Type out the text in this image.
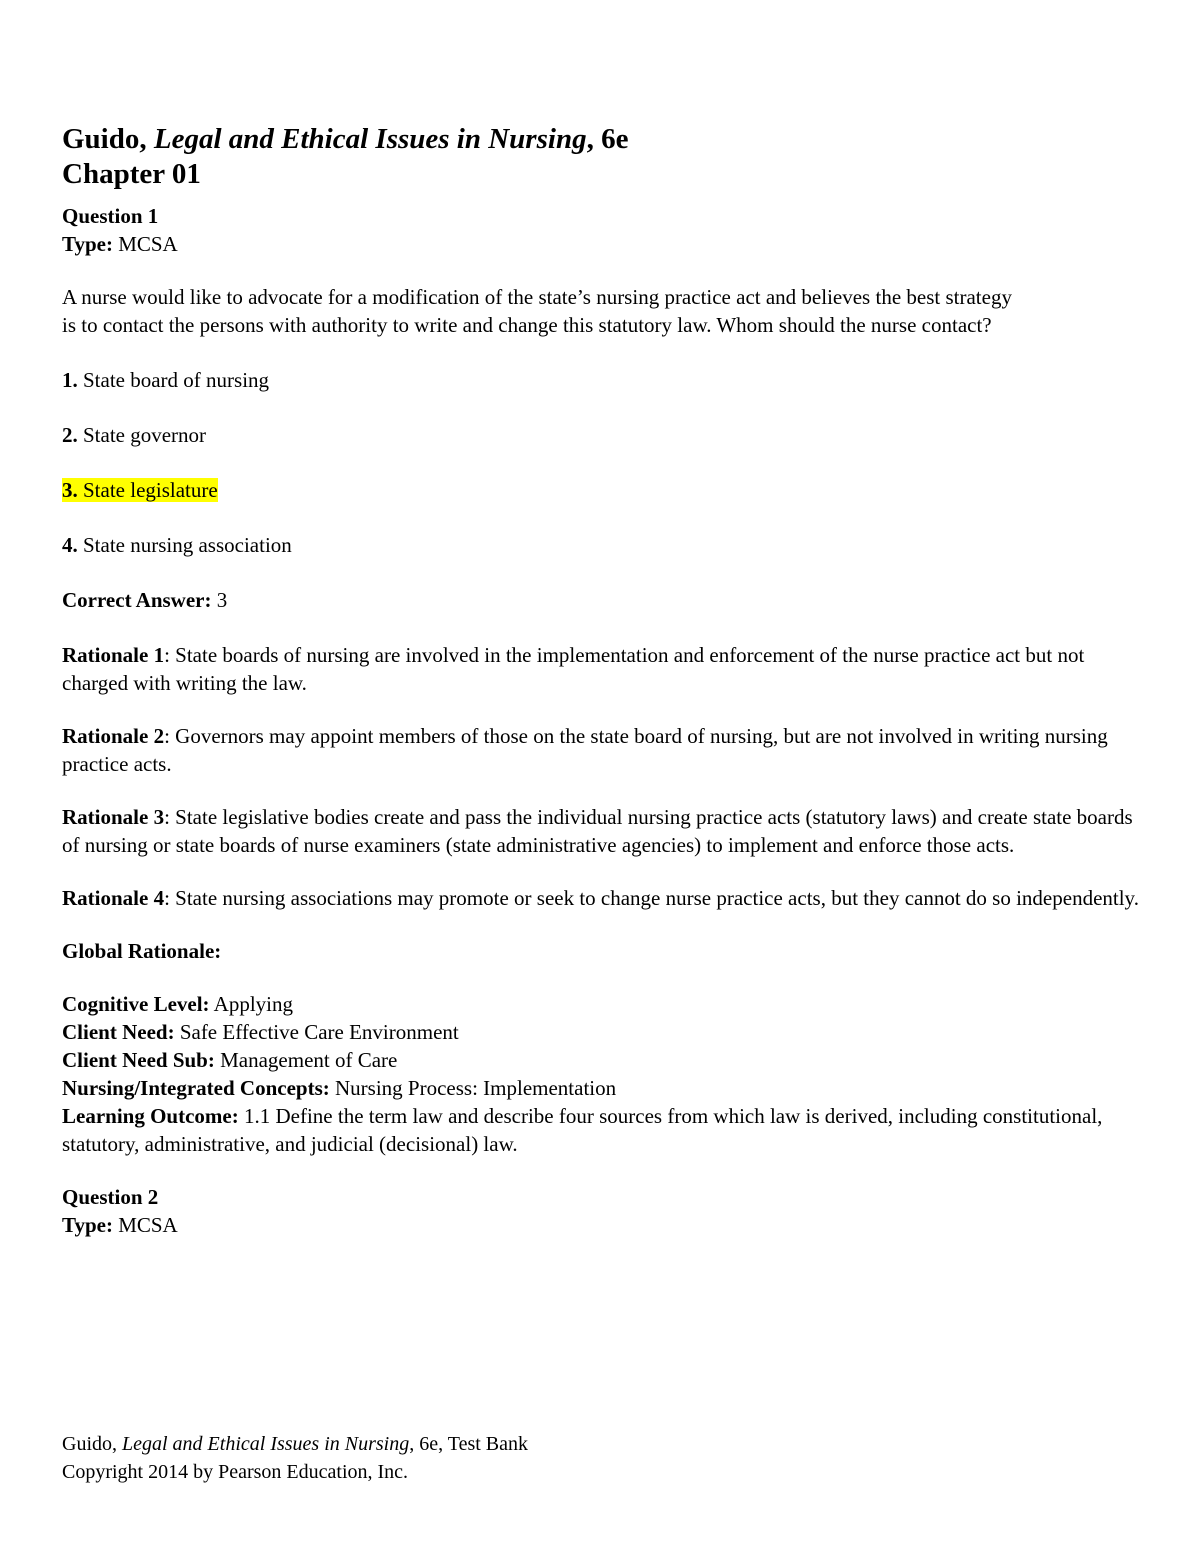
Guido, Legal and Ethical Issues in Nursing, 6e
Chapter 01

Question 1

Type: MCSA

A nurse would like to advocate for a modification of the state’s nursing practice act and believes the best strategy
is to contact the persons with authority to write and change this statutory law. Whom should the nurse contact?

1. State board of nursing

2. State governor

3. State legislature

4. State nursing association

Correct Answer: 3

Rationale 1: State boards of nursing are involved in the implementation and enforcement of the nurse practice act but not charged with writing the law.

Rationale 2: Governors may appoint members of those on the state board of nursing, but are not involved in writing nursing practice acts.

Rationale 3: State legislative bodies create and pass the individual nursing practice acts (statutory laws) and create state boards of nursing or state boards of nurse examiners (state administrative agencies) to implement and enforce those acts.

Rationale 4: State nursing associations may promote or seek to change nurse practice acts, but they cannot do so independently.

Global Rationale:

Cognitive Level: Applying

Client Need: Safe Effective Care Environment

Client Need Sub: Management of Care

Nursing/Integrated Concepts: Nursing Process: Implementation

Learning Outcome: 1.1 Define the term law and describe four sources from which law is derived, including constitutional, statutory, administrative, and judicial (decisional) law.

Question 2

Type: MCSA

Guido, Legal and Ethical Issues in Nursing, 6e, Test Bank
Copyright 2014 by Pearson Education, Inc.
